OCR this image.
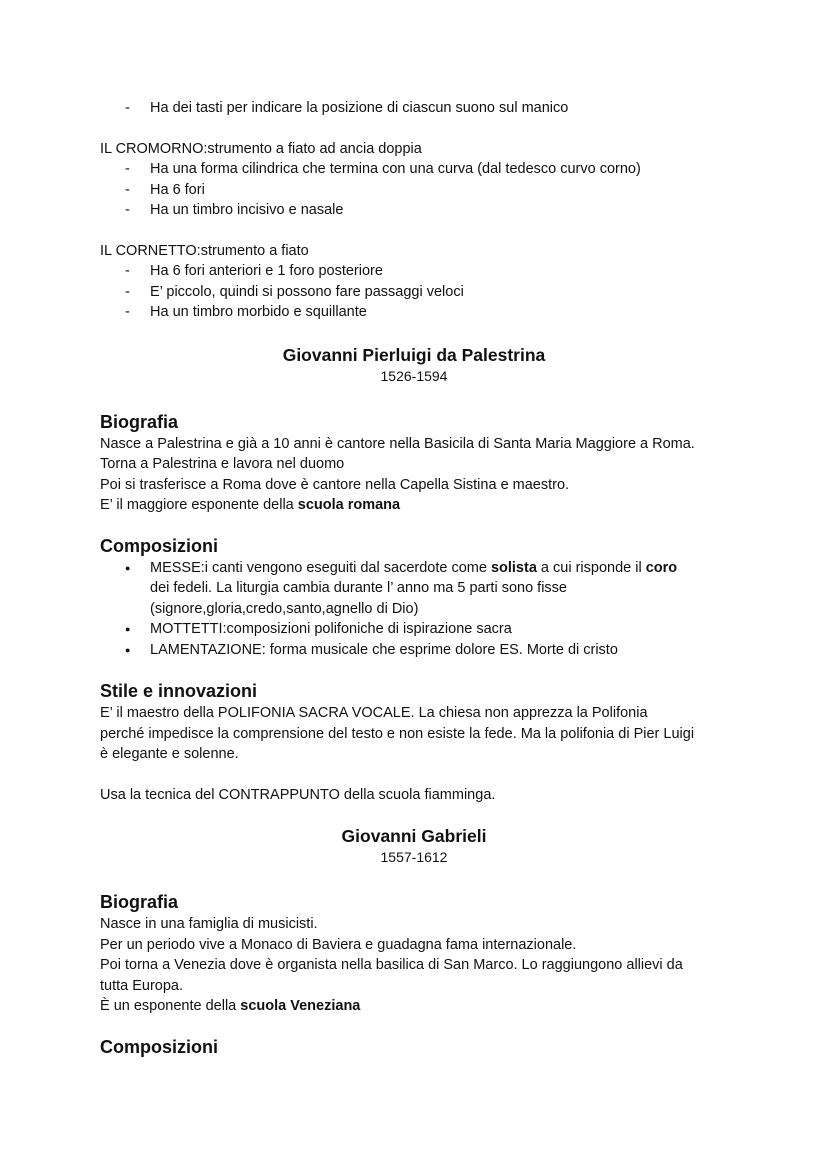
- Ha dei tasti per indicare la posizione di ciascun suono sul manico
IL CROMORNO:strumento a fiato ad ancia doppia
- Ha una forma cilindrica che termina con una curva (dal tedesco curvo corno)
- Ha 6 fori
- Ha un timbro incisivo e nasale
IL CORNETTO:strumento a fiato
- Ha 6 fori anteriori e 1 foro posteriore
- E’ piccolo, quindi si possono fare passaggi veloci
- Ha un timbro morbido e squillante
Giovanni Pierluigi da Palestrina
1526-1594
Biografia
Nasce a Palestrina e già a 10 anni è cantore nella Basicila di Santa Maria Maggiore a Roma.
Torna a Palestrina e lavora nel duomo
Poi si trasferisce a Roma dove è cantore nella Capella Sistina e maestro.
E’ il maggiore esponente della scuola romana
Composizioni
● MESSE:i canti vengono eseguiti dal sacerdote come solista a cui risponde il coro
dei fedeli. La liturgia cambia durante l’ anno ma 5 parti sono fisse
(signore,gloria,credo,santo,agnello di Dio)
● MOTTETTI:composizioni polifoniche di ispirazione sacra
● LAMENTAZIONE: forma musicale che esprime dolore ES. Morte di cristo
Stile e innovazioni
E’ il maestro della POLIFONIA SACRA VOCALE. La chiesa non apprezza la Polifonia
perché impedisce la comprensione del testo e non esiste la fede. Ma la polifonia di Pier Luigi
è elegante e solenne.
Usa la tecnica del CONTRAPPUNTO della scuola fiamminga.
Giovanni Gabrieli
1557-1612
Biografia
Nasce in una famiglia di musicisti.
Per un periodo vive a Monaco di Baviera e guadagna fama internazionale.
Poi torna a Venezia dove è organista nella basilica di San Marco. Lo raggiungono allievi da
tutta Europa.
È un esponente della scuola Veneziana
Composizioni
